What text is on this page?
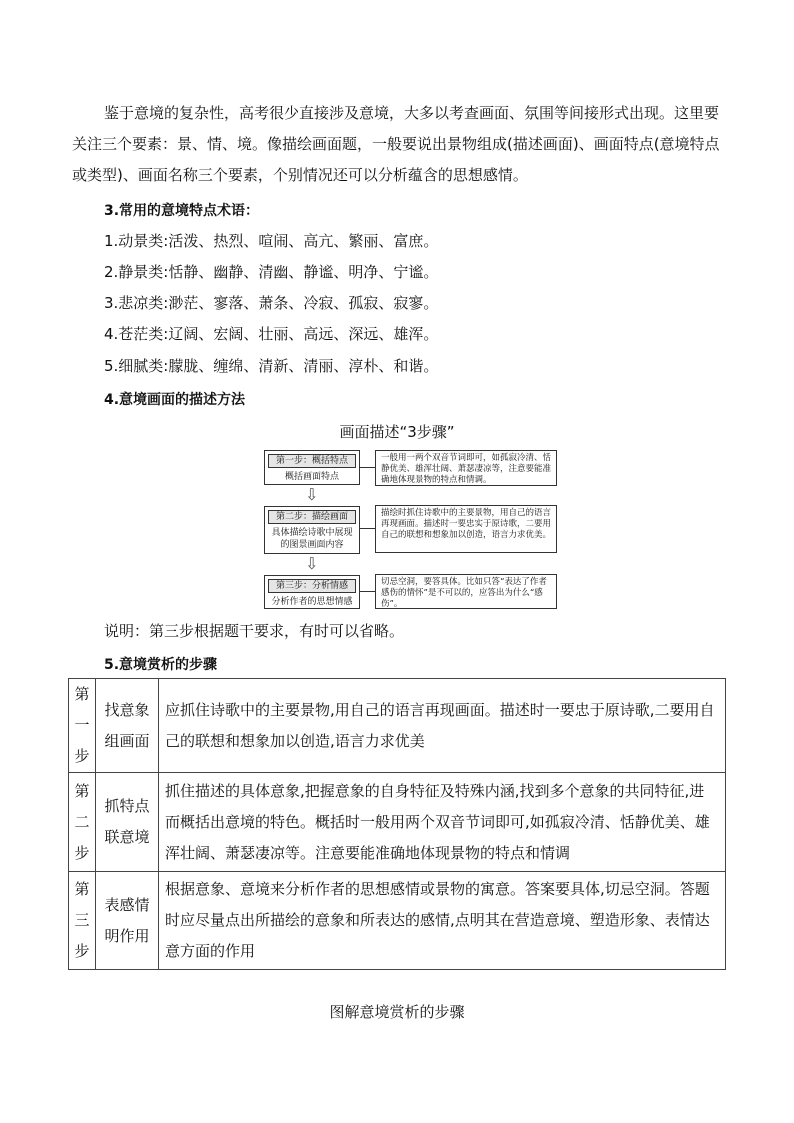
鉴于意境的复杂性，高考很少直接涉及意境，大多以考查画面、氛围等间接形式出现。这里要关注三个要素：景、情、境。像描绘画面题，一般要说出景物组成(描述画面)、画面特点(意境特点或类型)、画面名称三个要素，个别情况还可以分析蕴含的思想感情。

3.常用的意境特点术语：
1.动景类:活泼、热烈、喧闹、高亢、繁丽、富庶。
2.静景类:恬静、幽静、清幽、静谧、明净、宁谧。
3.悲凉类:渺茫、寥落、萧条、冷寂、孤寂、寂寥。
4.苍茫类:辽阔、宏阔、壮丽、高远、深远、雄浑。
5.细腻类:朦胧、缠绵、清新、清丽、淳朴、和谐。
4.意境画面的描述方法
画面描述“3步骤”
第一步：概括特点
概括画面特点
一般用一两个双音节词即可，如孤寂冷清、恬静优美、雄浑壮阔、萧瑟凄凉等，注意要能准确地体现景物的特点和情调。
⇩
第二步：描绘画面
具体描绘诗歌中展现的图景画面内容
描绘时抓住诗歌中的主要景物，用自己的语言再现画面。描述时一要忠实于原诗歌，二要用自己的联想和想象加以创造，语言力求优美。
⇩
第三步：分析情感
分析作者的思想情感
切忌空洞，要答具体。比如只答“表达了作者感伤的情怀”是不可以的，应答出为什么“感伤”。
说明：第三步根据题干要求，有时可以省略。
5.意境赏析的步骤
第一步	找意象组画面	应抓住诗歌中的主要景物,用自己的语言再现画面。描述时一要忠于原诗歌,二要用自己的联想和想象加以创造,语言力求优美
第二步	抓特点联意境	抓住描述的具体意象,把握意象的自身特征及特殊内涵,找到多个意象的共同特征,进而概括出意境的特色。概括时一般用两个双音节词即可,如孤寂冷清、恬静优美、雄浑壮阔、萧瑟凄凉等。注意要能准确地体现景物的特点和情调
第三步	表感情明作用	根据意象、意境来分析作者的思想感情或景物的寓意。答案要具体,切忌空洞。答题时应尽量点出所描绘的意象和所表达的感情,点明其在营造意境、塑造形象、表情达意方面的作用
图解意境赏析的步骤
